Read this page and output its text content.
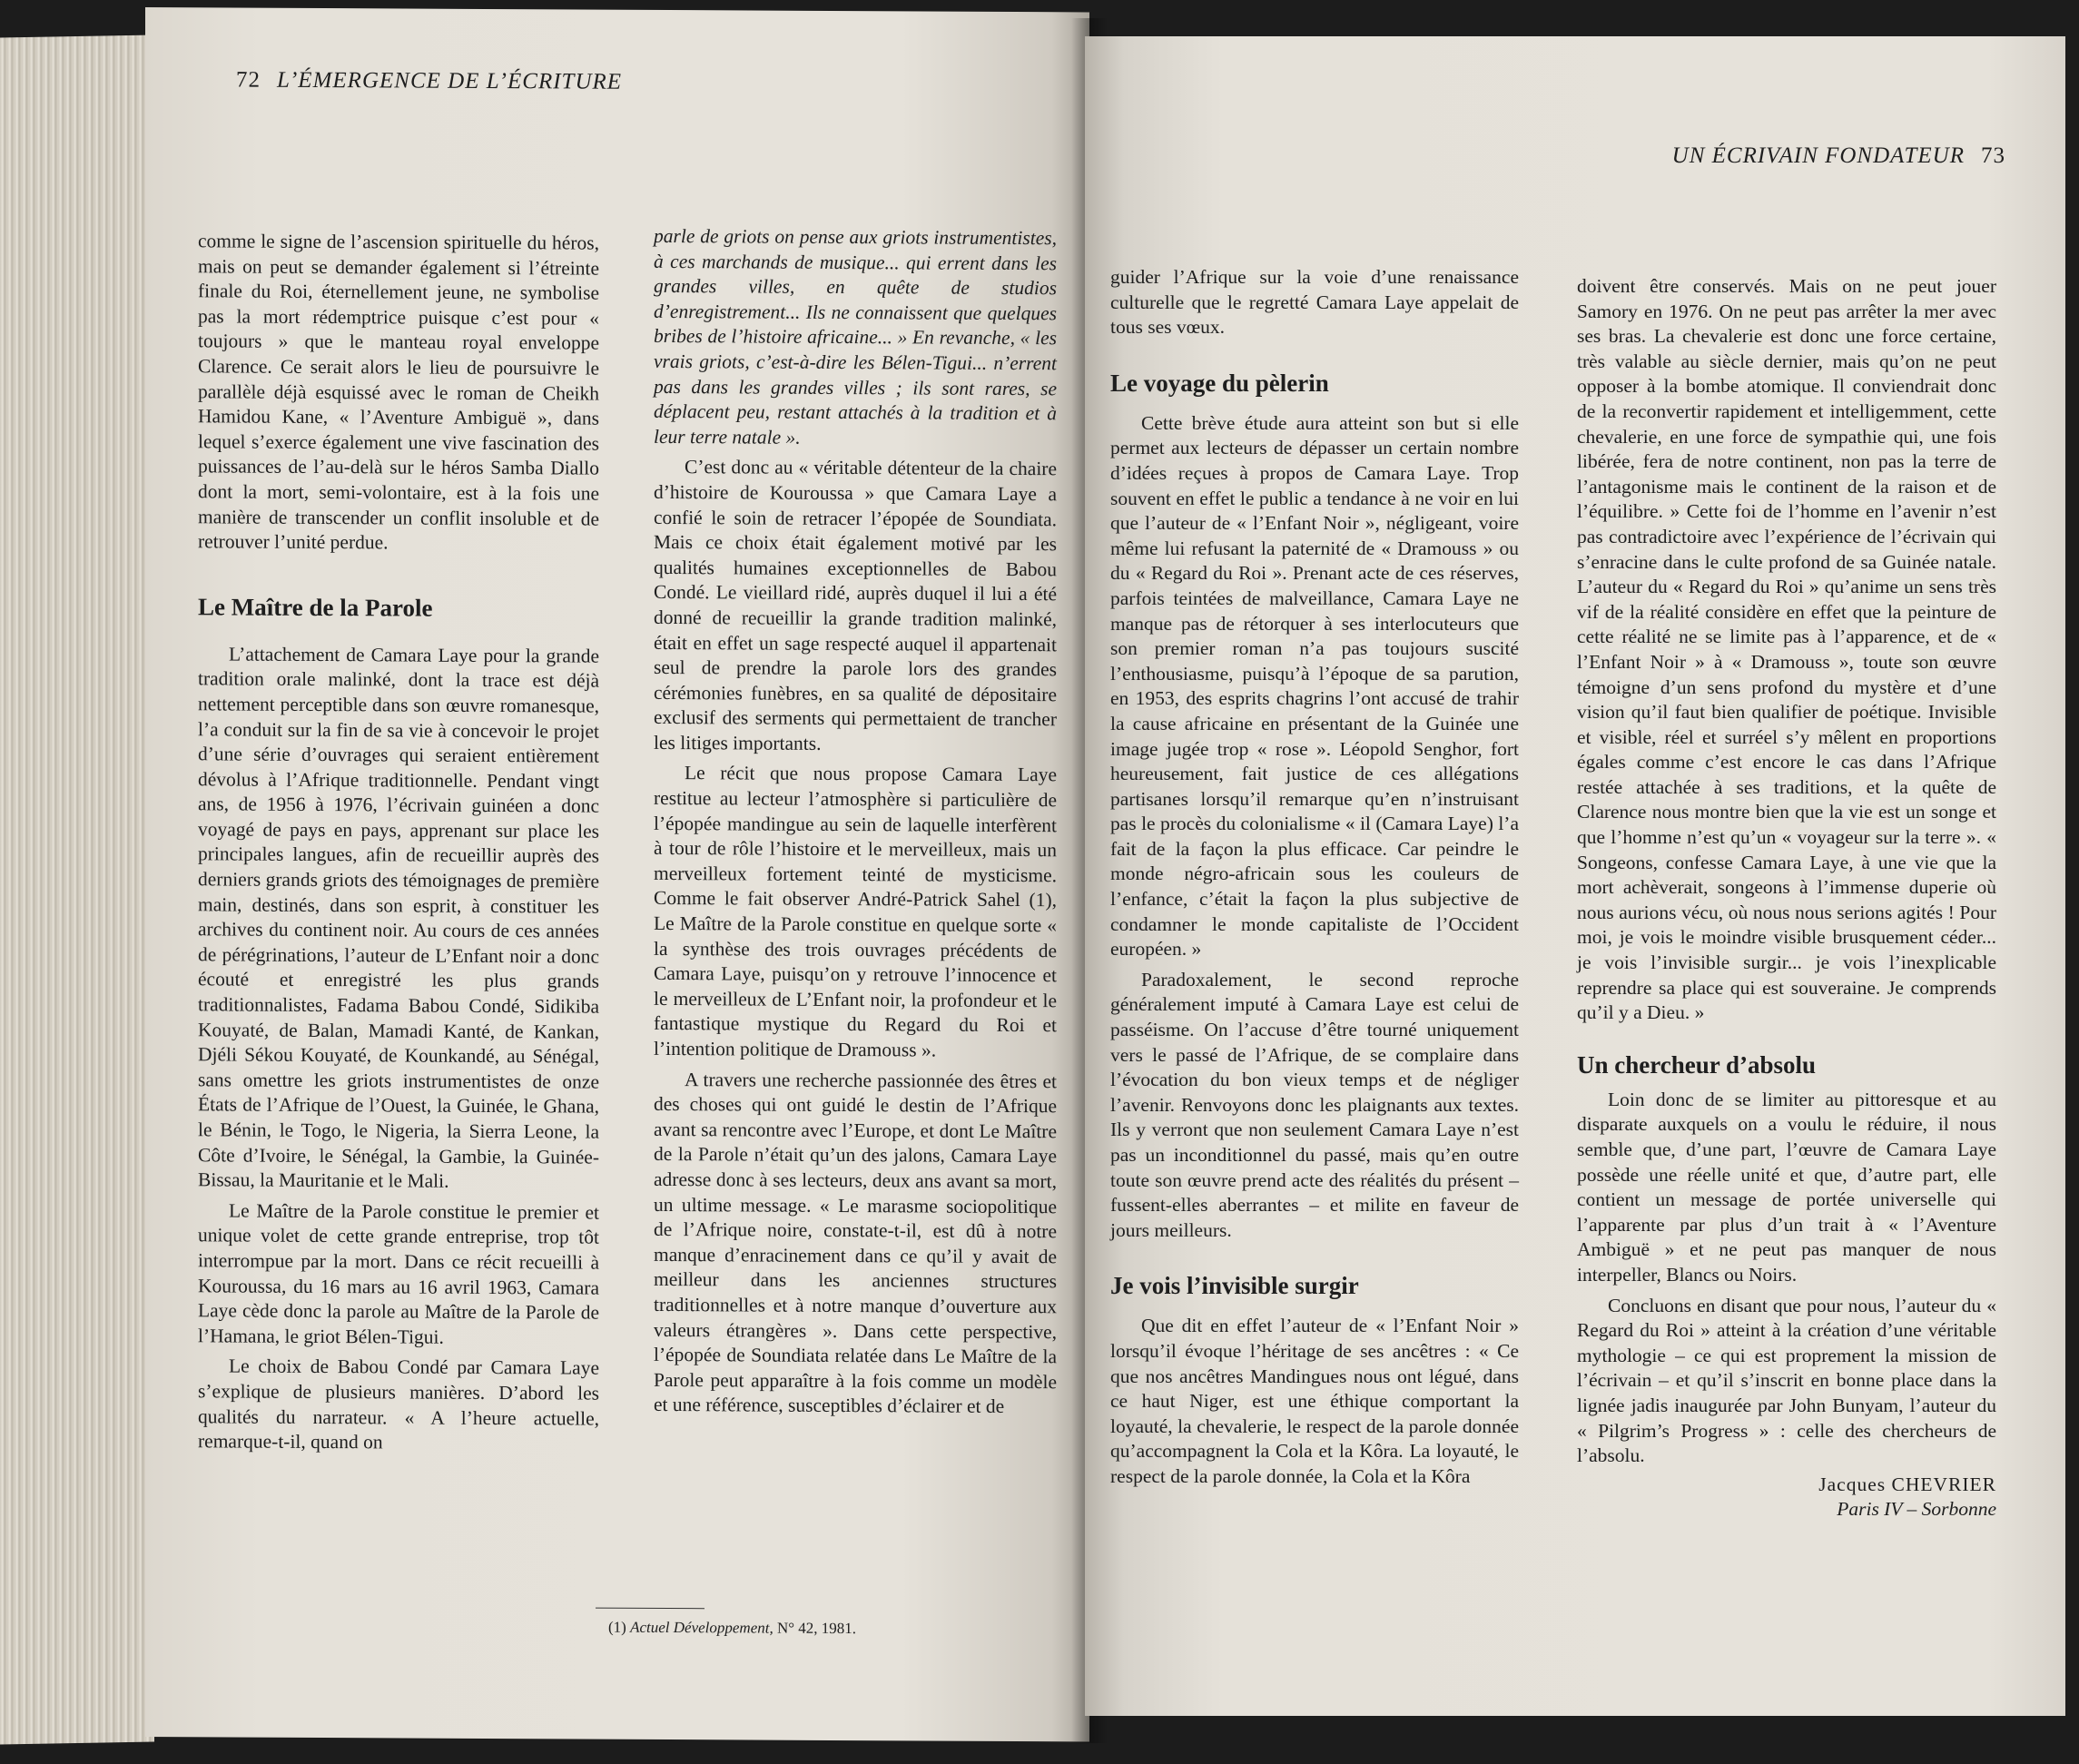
72 L’ÉMERGENCE DE L’ÉCRITURE

comme le signe de l’ascension spirituelle du héros, mais on peut se demander également si l’étreinte finale du Roi, éternellement jeune, ne symbolise pas la mort rédemptrice puisque c’est pour « toujours » que le manteau royal enveloppe Clarence. Ce serait alors le lieu de poursuivre le parallèle déjà esquissé avec le roman de Cheikh Hamidou Kane, « l’Aventure Ambiguë », dans lequel s’exerce également une vive fascination des puissances de l’au-delà sur le héros Samba Diallo dont la mort, semi-volontaire, est à la fois une manière de transcender un conflit insoluble et de retrouver l’unité perdue.

Le Maître de la Parole

L’attachement de Camara Laye pour la grande tradition orale malinké, dont la trace est déjà nettement perceptible dans son œuvre romanesque, l’a conduit sur la fin de sa vie à concevoir le projet d’une série d’ouvrages qui seraient entièrement dévolus à l’Afrique traditionnelle. Pendant vingt ans, de 1956 à 1976, l’écrivain guinéen a donc voyagé de pays en pays, apprenant sur place les principales langues, afin de recueillir auprès des derniers grands griots des témoignages de première main, destinés, dans son esprit, à constituer les archives du continent noir. Au cours de ces années de pérégrinations, l’auteur de L’Enfant noir a donc écouté et enregistré les plus grands traditionnalistes, Fadama Babou Condé, Sidikiba Kouyaté, de Balan, Mamadi Kanté, de Kankan, Djéli Sékou Kouyaté, de Kounkandé, au Sénégal, sans omettre les griots instrumentistes de onze États de l’Afrique de l’Ouest, la Guinée, le Ghana, le Bénin, le Togo, le Nigeria, la Sierra Leone, la Côte d’Ivoire, le Sénégal, la Gambie, la Guinée-Bissau, la Mauritanie et le Mali.

Le Maître de la Parole constitue le premier et unique volet de cette grande entreprise, trop tôt interrompue par la mort. Dans ce récit recueilli à Kouroussa, du 16 mars au 16 avril 1963, Camara Laye cède donc la parole au Maître de la Parole de l’Hamana, le griot Bélen-Tigui.

Le choix de Babou Condé par Camara Laye s’explique de plusieurs manières. D’abord les qualités du narrateur. « A l’heure actuelle, remarque-t-il, quand on

parle de griots on pense aux griots instrumentistes, à ces marchands de musique... qui errent dans les grandes villes, en quête de studios d’enregistrement... Ils ne connaissent que quelques bribes de l’histoire africaine... » En revanche, « les vrais griots, c’est-à-dire les Bélen-Tigui... n’errent pas dans les grandes villes ; ils sont rares, se déplacent peu, restant attachés à la tradition et à leur terre natale ».

C’est donc au « véritable détenteur de la chaire d’histoire de Kouroussa » que Camara Laye a confié le soin de retracer l’épopée de Soundiata. Mais ce choix était également motivé par les qualités humaines exceptionnelles de Babou Condé. Le vieillard ridé, auprès duquel il lui a été donné de recueillir la grande tradition malinké, était en effet un sage respecté auquel il appartenait seul de prendre la parole lors des grandes cérémonies funèbres, en sa qualité de dépositaire exclusif des serments qui permettaient de trancher les litiges importants.

Le récit que nous propose Camara Laye restitue au lecteur l’atmosphère si particulière de l’épopée mandingue au sein de laquelle interfèrent à tour de rôle l’histoire et le merveilleux, mais un merveilleux fortement teinté de mysticisme. Comme le fait observer André-Patrick Sahel (1), Le Maître de la Parole constitue en quelque sorte « la synthèse des trois ouvrages précédents de Camara Laye, puisqu’on y retrouve l’innocence et le merveilleux de L’Enfant noir, la profondeur et le fantastique mystique du Regard du Roi et l’intention politique de Dramouss ».

A travers une recherche passionnée des êtres et des choses qui ont guidé le destin de l’Afrique avant sa rencontre avec l’Europe, et dont Le Maître de la Parole n’était qu’un des jalons, Camara Laye adresse donc à ses lecteurs, deux ans avant sa mort, un ultime message. « Le marasme sociopolitique de l’Afrique noire, constate-t-il, est dû à notre manque d’enracinement dans ce qu’il y avait de meilleur dans les anciennes structures traditionnelles et à notre manque d’ouverture aux valeurs étrangères ». Dans cette perspective, l’épopée de Soundiata relatée dans Le Maître de la Parole peut apparaître à la fois comme un modèle et une référence, susceptibles d’éclairer et de

(1) Actuel Développement, N° 42, 1981.
UN ÉCRIVAIN FONDATEUR 73

guider l’Afrique sur la voie d’une renaissance culturelle que le regretté Camara Laye appelait de tous ses vœux.

Le voyage du pèlerin

Cette brève étude aura atteint son but si elle permet aux lecteurs de dépasser un certain nombre d’idées reçues à propos de Camara Laye. Trop souvent en effet le public a tendance à ne voir en lui que l’auteur de « l’Enfant Noir », négligeant, voire même lui refusant la paternité de « Dramouss » ou du « Regard du Roi ». Prenant acte de ces réserves, parfois teintées de malveillance, Camara Laye ne manque pas de rétorquer à ses interlocuteurs que son premier roman n’a pas toujours suscité l’enthousiasme, puisqu’à l’époque de sa parution, en 1953, des esprits chagrins l’ont accusé de trahir la cause africaine en présentant de la Guinée une image jugée trop « rose ». Léopold Senghor, fort heureusement, fait justice de ces allégations partisanes lorsqu’il remarque qu’en n’instruisant pas le procès du colonialisme « il (Camara Laye) l’a fait de la façon la plus efficace. Car peindre le monde négro-africain sous les couleurs de l’enfance, c’était la façon la plus subjective de condamner le monde capitaliste de l’Occident européen. »

Paradoxalement, le second reproche généralement imputé à Camara Laye est celui de passéisme. On l’accuse d’être tourné uniquement vers le passé de l’Afrique, de se complaire dans l’évocation du bon vieux temps et de négliger l’avenir. Renvoyons donc les plaignants aux textes. Ils y verront que non seulement Camara Laye n’est pas un inconditionnel du passé, mais qu’en outre toute son œuvre prend acte des réalités du présent – fussent-elles aberrantes – et milite en faveur de jours meilleurs.

Je vois l’invisible surgir

Que dit en effet l’auteur de « l’Enfant Noir » lorsqu’il évoque l’héritage de ses ancêtres : « Ce que nos ancêtres Mandingues nous ont légué, dans ce haut Niger, est une éthique comportant la loyauté, la chevalerie, le respect de la parole donnée qu’accompagnent la Cola et la Kôra. La loyauté, le respect de la parole donnée, la Cola et la Kôra

doivent être conservés. Mais on ne peut jouer Samory en 1976. On ne peut pas arrêter la mer avec ses bras. La chevalerie est donc une force certaine, très valable au siècle dernier, mais qu’on ne peut opposer à la bombe atomique. Il conviendrait donc de la reconvertir rapidement et intelligemment, cette chevalerie, en une force de sympathie qui, une fois libérée, fera de notre continent, non pas la terre de l’antagonisme mais le continent de la raison et de l’équilibre. » Cette foi de l’homme en l’avenir n’est pas contradictoire avec l’expérience de l’écrivain qui s’enracine dans le culte profond de sa Guinée natale. L’auteur du « Regard du Roi » qu’anime un sens très vif de la réalité considère en effet que la peinture de cette réalité ne se limite pas à l’apparence, et de « l’Enfant Noir » à « Dramouss », toute son œuvre témoigne d’un sens profond du mystère et d’une vision qu’il faut bien qualifier de poétique. Invisible et visible, réel et surréel s’y mêlent en proportions égales comme c’est encore le cas dans l’Afrique restée attachée à ses traditions, et la quête de Clarence nous montre bien que la vie est un songe et que l’homme n’est qu’un « voyageur sur la terre ». « Songeons, confesse Camara Laye, à une vie que la mort achèverait, songeons à l’immense duperie où nous aurions vécu, où nous nous serions agités ! Pour moi, je vois le moindre visible brusquement céder... je vois l’invisible surgir... je vois l’inexplicable reprendre sa place qui est souveraine. Je comprends qu’il y a Dieu. »

Un chercheur d’absolu

Loin donc de se limiter au pittoresque et au disparate auxquels on a voulu le réduire, il nous semble que, d’une part, l’œuvre de Camara Laye possède une réelle unité et que, d’autre part, elle contient un message de portée universelle qui l’apparente par plus d’un trait à « l’Aventure Ambiguë » et ne peut pas manquer de nous interpeller, Blancs ou Noirs.

Concluons en disant que pour nous, l’auteur du « Regard du Roi » atteint à la création d’une véritable mythologie – ce qui est proprement la mission de l’écrivain – et qu’il s’inscrit en bonne place dans la lignée jadis inaugurée par John Bunyam, l’auteur du « Pilgrim’s Progress » : celle des chercheurs de l’absolu.

Jacques CHEVRIER

Paris IV – Sorbonne
